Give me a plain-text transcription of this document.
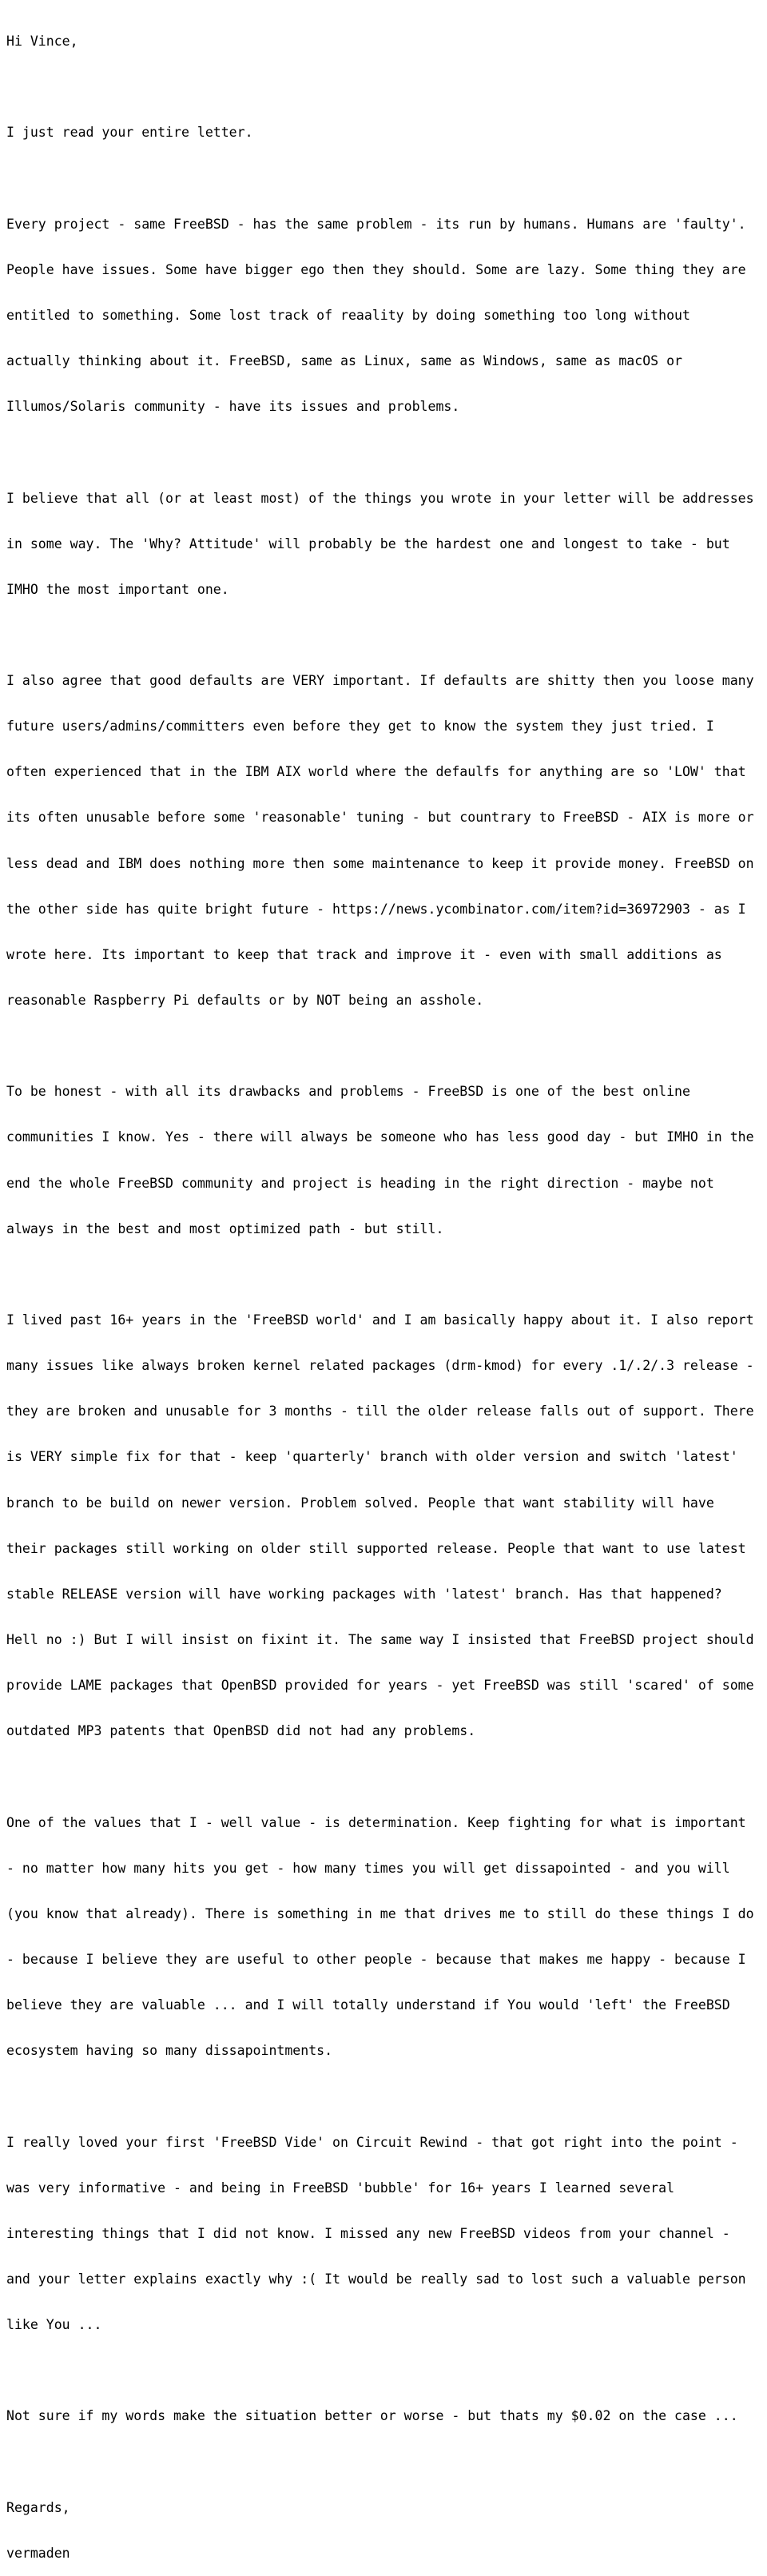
Hi Vince,

I just read your entire letter.

Every project - same FreeBSD - has the same problem - its run by humans. Humans are 'faulty'.

People have issues. Some have bigger ego then they should. Some are lazy. Some thing they are

entitled to something. Some lost track of reaality by doing something too long without

actually thinking about it. FreeBSD, same as Linux, same as Windows, same as macOS or

Illumos/Solaris community - have its issues and problems.

I believe that all (or at least most) of the things you wrote in your letter will be addresses

in some way. The 'Why? Attitude' will probably be the hardest one and longest to take - but

IMHO the most important one.

I also agree that good defaults are VERY important. If defaults are shitty then you loose many

future users/admins/committers even before they get to know the system they just tried. I

often experienced that in the IBM AIX world where the defaulfs for anything are so 'LOW' that

its often unusable before some 'reasonable' tuning - but countrary to FreeBSD - AIX is more or

less dead and IBM does nothing more then some maintenance to keep it provide money. FreeBSD on

the other side has quite bright future - https://news.ycombinator.com/item?id=36972903 - as I

wrote here. Its important to keep that track and improve it - even with small additions as

reasonable Raspberry Pi defaults or by NOT being an asshole.

To be honest - with all its drawbacks and problems - FreeBSD is one of the best online

communities I know. Yes - there will always be someone who has less good day - but IMHO in the

end the whole FreeBSD community and project is heading in the right direction - maybe not

always in the best and most optimized path - but still.

I lived past 16+ years in the 'FreeBSD world' and I am basically happy about it. I also report

many issues like always broken kernel related packages (drm-kmod) for every .1/.2/.3 release -

they are broken and unusable for 3 months - till the older release falls out of support. There

is VERY simple fix for that - keep 'quarterly' branch with older version and switch 'latest'

branch to be build on newer version. Problem solved. People that want stability will have

their packages still working on older still supported release. People that want to use latest

stable RELEASE version will have working packages with 'latest' branch. Has that happened?

Hell no :) But I will insist on fixint it. The same way I insisted that FreeBSD project should

provide LAME packages that OpenBSD provided for years - yet FreeBSD was still 'scared' of some

outdated MP3 patents that OpenBSD did not had any problems.

One of the values that I - well value - is determination. Keep fighting for what is important

- no matter how many hits you get - how many times you will get dissapointed - and you will

(you know that already). There is something in me that drives me to still do these things I do

- because I believe they are useful to other people - because that makes me happy - because I

believe they are valuable ... and I will totally understand if You would 'left' the FreeBSD

ecosystem having so many dissapointments.

I really loved your first 'FreeBSD Vide' on Circuit Rewind - that got right into the point -

was very informative - and being in FreeBSD 'bubble' for 16+ years I learned several

interesting things that I did not know. I missed any new FreeBSD videos from your channel -

and your letter explains exactly why :( It would be really sad to lost such a valuable person

like You ...

Not sure if my words make the situation better or worse - but thats my $0.02 on the case ...

Regards,

vermaden
